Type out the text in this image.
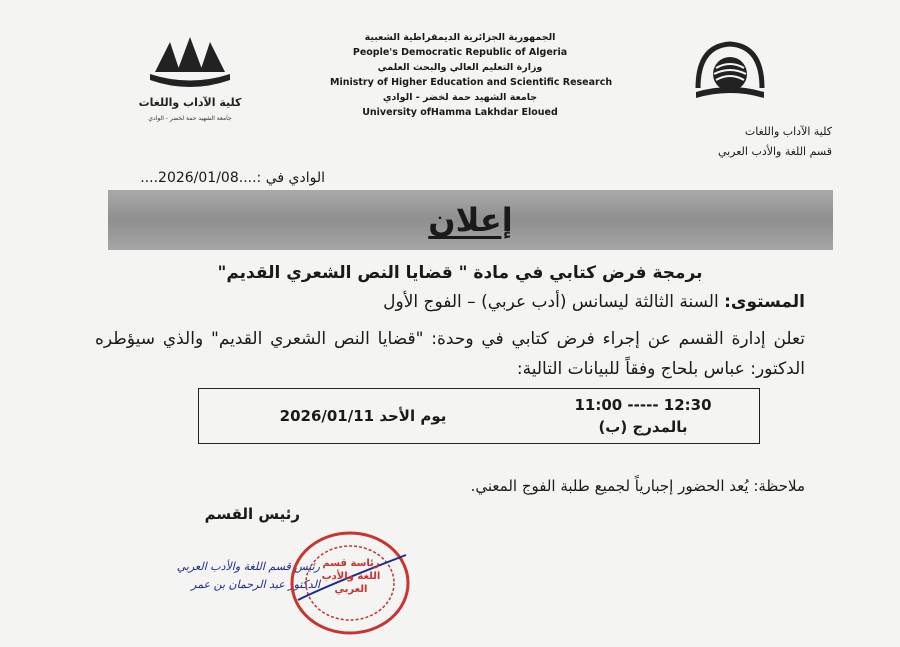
كلية الآداب واللغات
جامعة الشهيد حمة لخضر - الوادي
الجمهورية الجزائرية الديمقراطية الشعبية
People's Democratic Republic of Algeria
وزارة التعليم العالي والبحث العلمي
Ministry of Higher Education and Scientific Research
جامعة الشهيد حمة لخضر - الوادي
University ofHamma Lakhdar Eloued
كلية الآداب واللغات
قسم اللغة والأدب العربي
الوادي في :....2026/01/08....
إعلان
برمجة فرض كتابي في مادة " قضايا النص الشعري القديم"
المستوى: السنة الثالثة ليسانس (أدب عربي) – الفوج الأول
تعلن إدارة القسم عن إجراء فرض كتابي في وحدة: "قضايا النص الشعري القديم" والذي سيؤطره الدكتور: عباس بلحاج وفقاً للبيانات التالية:
يوم الأحد 2026/01/11
11:00 ----- 12:30
بالمدرج (ب)
ملاحظة: يُعد الحضور إجبارياً لجميع طلبة الفوج المعني.
رئيس القسم
رئيس قسم اللغة والأدب العربي
الدكتور عبد الرحمان بن عمر
رئاسة قسم اللغة والأدب العربي
